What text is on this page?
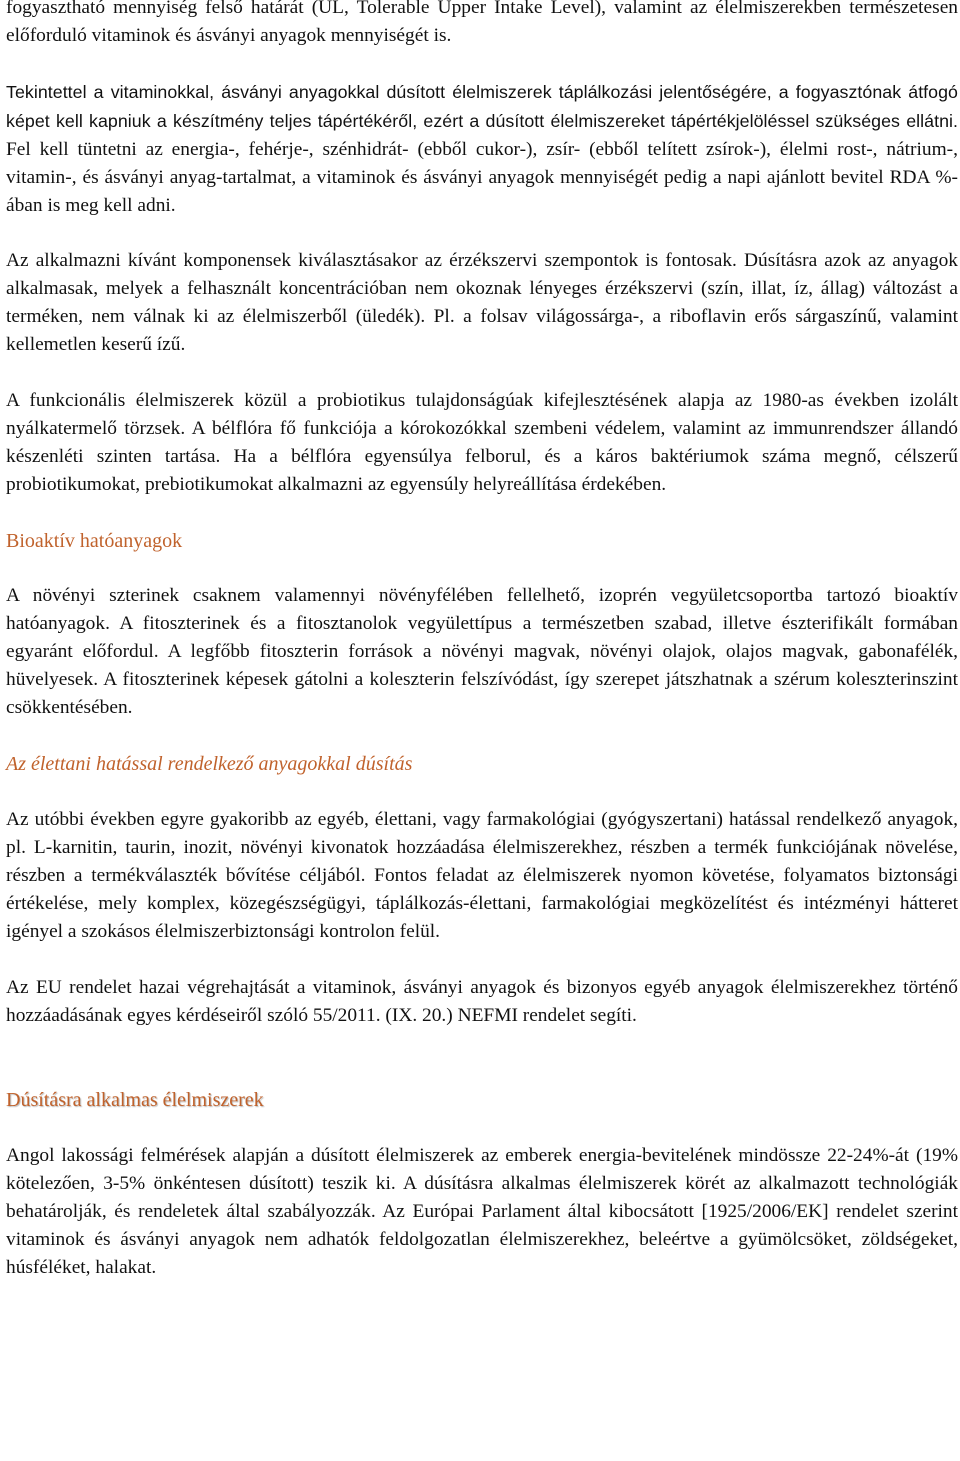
fogyasztható mennyiség felső határát (UL, Tolerable Upper Intake Level), valamint az élelmiszerekben természetesen előforduló vitaminok és ásványi anyagok mennyiségét is.

Tekintettel a vitaminokkal, ásványi anyagokkal dúsított élelmiszerek táplálkozási jelentőségére, a fogyasztónak átfogó képet kell kapniuk a készítmény teljes tápértékéről, ezért a dúsított élelmiszereket tápértékjelöléssel szükséges ellátni. Fel kell tüntetni az energia-, fehérje-, szénhidrát- (ebből cukor-), zsír- (ebből telített zsírok-), élelmi rost-, nátrium-, vitamin-, és ásványi anyag-tartalmat, a vitaminok és ásványi anyagok mennyiségét pedig a napi ajánlott bevitel RDA %-ában is meg kell adni.

Az alkalmazni kívánt komponensek kiválasztásakor az érzékszervi szempontok is fontosak. Dúsításra azok az anyagok alkalmasak, melyek a felhasznált koncentrációban nem okoznak lényeges érzékszervi (szín, illat, íz, állag) változást a terméken, nem válnak ki az élelmiszerből (üledék). Pl. a folsav világossárga-, a riboflavin erős sárgaszínű, valamint kellemetlen keserű ízű.

A funkcionális élelmiszerek közül a probiotikus tulajdonságúak kifejlesztésének alapja az 1980-as években izolált nyálkatermelő törzsek. A bélflóra fő funkciója a kórokozókkal szembeni védelem, valamint az immunrendszer állandó készenléti szinten tartása. Ha a bélflóra egyensúlya felborul, és a káros baktériumok száma megnő, célszerű probiotikumokat, prebiotikumokat alkalmazni az egyensúly helyreállítása érdekében.

Bioaktív hatóanyagok

A növényi szterinek csaknem valamennyi növényfélében fellelhető, izoprén vegyületcsoportba tartozó bioaktív hatóanyagok. A fitoszterinek és a fitosztanolok vegyülettípus a természetben szabad, illetve észterifikált formában egyaránt előfordul. A legfőbb fitoszterin források a növényi magvak, növényi olajok, olajos magvak, gabonafélék, hüvelyesek. A fitoszterinek képesek gátolni a koleszterin felszívódást, így szerepet játszhatnak a szérum koleszterinszint csökkentésében.

Az élettani hatással rendelkező anyagokkal dúsítás

Az utóbbi években egyre gyakoribb az egyéb, élettani, vagy farmakológiai (gyógyszertani) hatással rendelkező anyagok, pl. L-karnitin, taurin, inozit, növényi kivonatok hozzáadása élelmiszerekhez, részben a termék funkciójának növelése, részben a termékválaszték bővítése céljából. Fontos feladat az élelmiszerek nyomon követése, folyamatos biztonsági értékelése, mely komplex, közegészségügyi, táplálkozás-élettani, farmakológiai megközelítést és intézményi hátteret igényel a szokásos élelmiszerbiztonsági kontrolon felül.

Az EU rendelet hazai végrehajtását a vitaminok, ásványi anyagok és bizonyos egyéb anyagok élelmiszerekhez történő hozzáadásának egyes kérdéseiről szóló 55/2011. (IX. 20.) NEFMI rendelet segíti.

Dúsításra alkalmas élelmiszerek

Angol lakossági felmérések alapján a dúsított élelmiszerek az emberek energia-bevitelének mindössze 22-24%-át (19% kötelezően, 3-5% önkéntesen dúsított) teszik ki. A dúsításra alkalmas élelmiszerek körét az alkalmazott technológiák behatárolják, és rendeletek által szabályozzák. Az Európai Parlament által kibocsátott [1925/2006/EK] rendelet szerint vitaminok és ásványi anyagok nem adhatók feldolgozatlan élelmiszerekhez, beleértve a gyümölcsöket, zöldségeket, húsféléket, halakat.
